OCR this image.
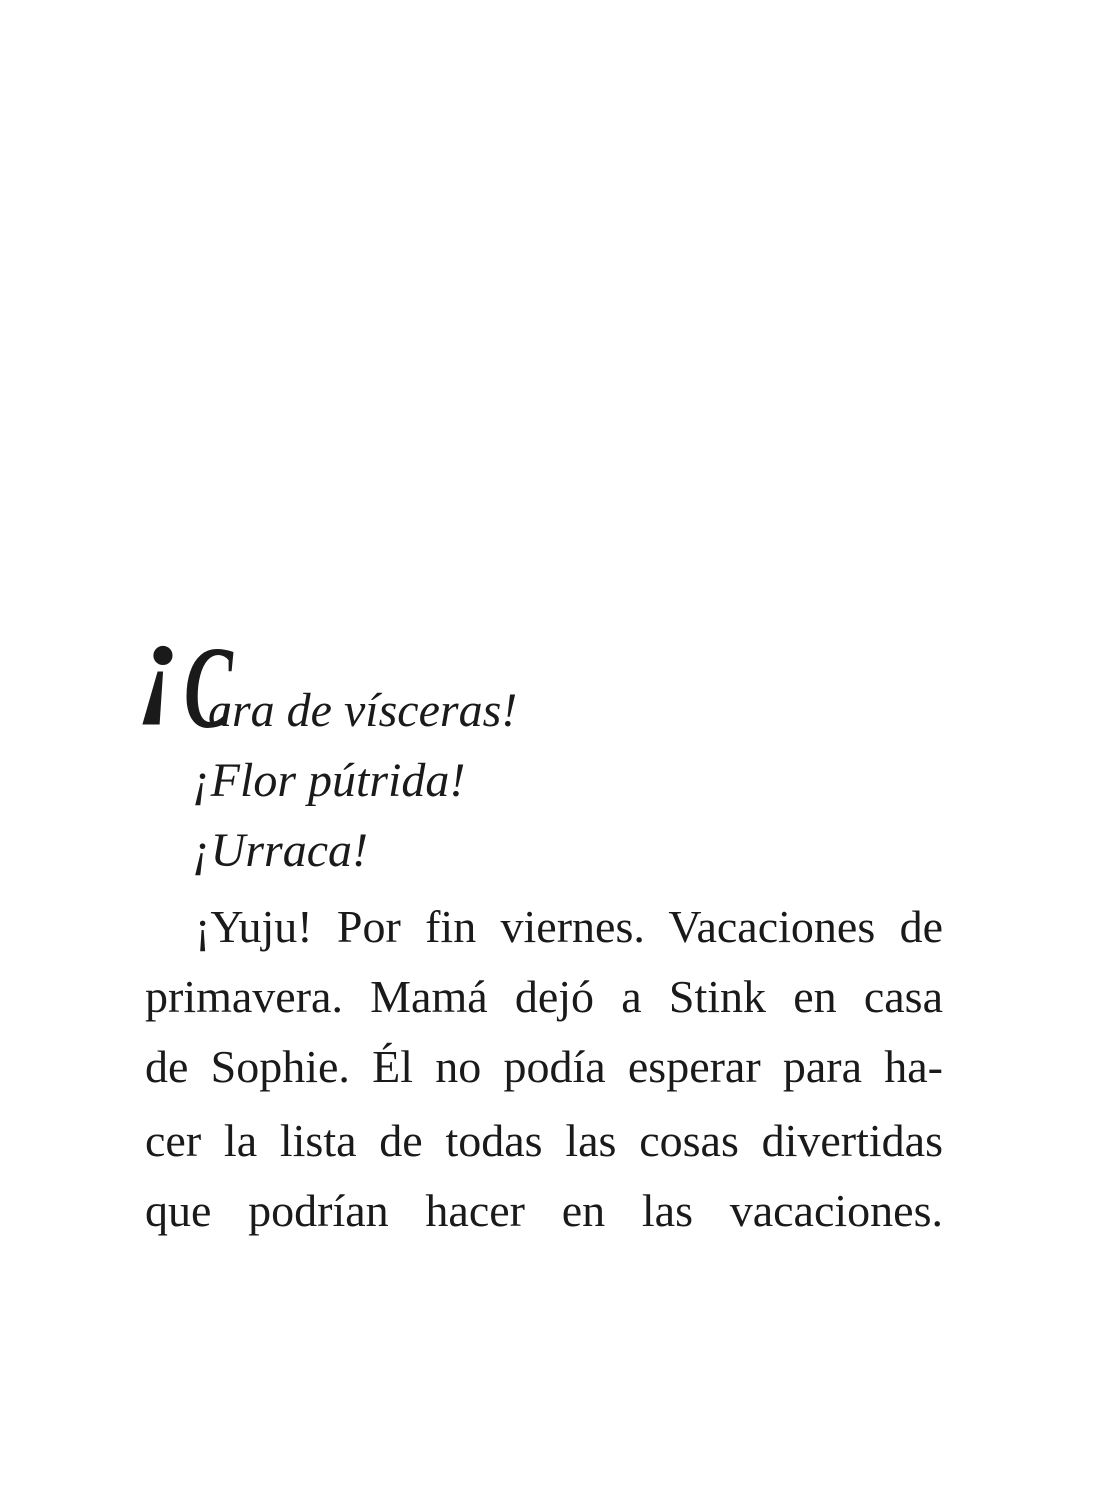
¡C
ara de vísceras!
¡Flor pútrida!
¡Urraca!
¡Yuju! Por fin viernes. Vacaciones de
primavera. Mamá dejó a Stink en casa
de Sophie. Él no podía esperar para ha-
cer la lista de todas las cosas divertidas
que podrían hacer en las vacaciones.
